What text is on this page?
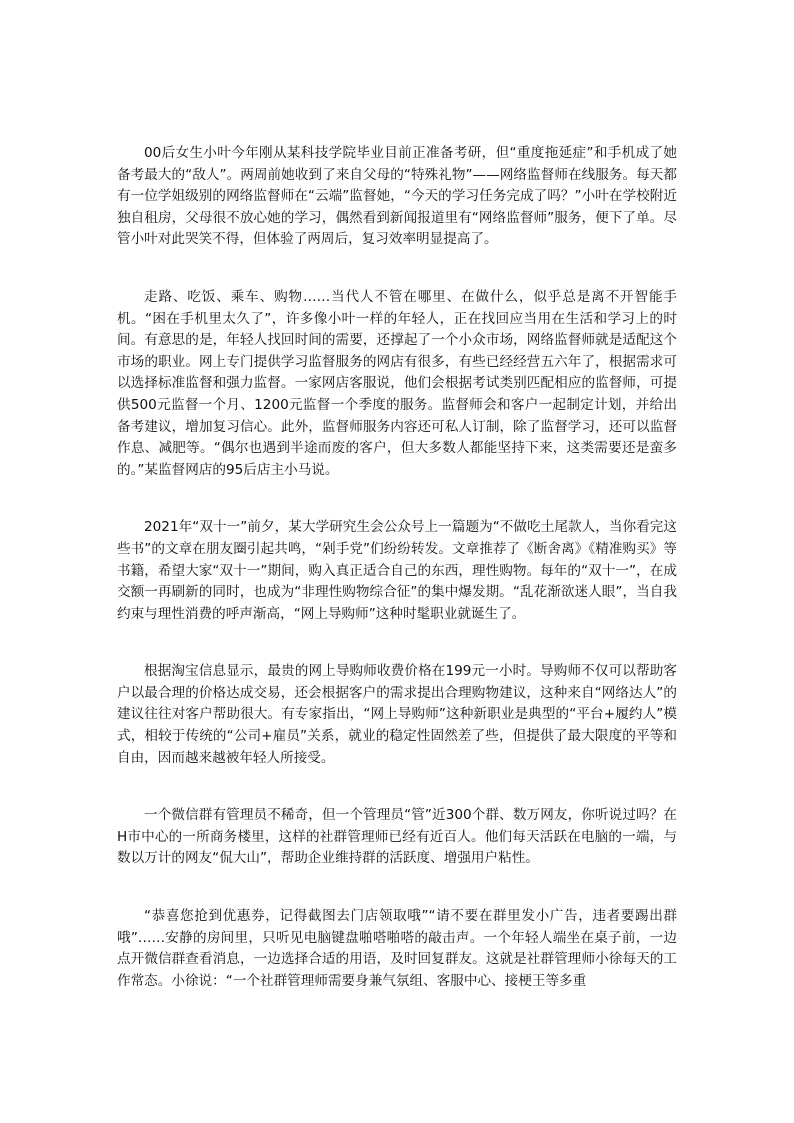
00后女生小叶今年刚从某科技学院毕业目前正准备考研，但“重度拖延症”和手机成了她备考最大的“敌人”。两周前她收到了来自父母的“特殊礼物”——网络监督师在线服务。每天都有一位学姐级别的网络监督师在“云端”监督她，“今天的学习任务完成了吗？”小叶在学校附近独自租房，父母很不放心她的学习，偶然看到新闻报道里有“网络监督师”服务，便下了单。尽管小叶对此哭笑不得，但体验了两周后，复习效率明显提高了。

走路、吃饭、乘车、购物……当代人不管在哪里、在做什么，似乎总是离不开智能手机。“困在手机里太久了”，许多像小叶一样的年轻人，正在找回应当用在生活和学习上的时间。有意思的是，年轻人找回时间的需要，还撑起了一个小众市场，网络监督师就是适配这个市场的职业。网上专门提供学习监督服务的网店有很多，有些已经经营五六年了，根据需求可以选择标准监督和强力监督。一家网店客服说，他们会根据考试类别匹配相应的监督师，可提供500元监督一个月、1200元监督一个季度的服务。监督师会和客户一起制定计划，并给出备考建议，增加复习信心。此外，监督师服务内容还可私人订制，除了监督学习，还可以监督作息、减肥等。“偶尔也遇到半途而废的客户，但大多数人都能坚持下来，这类需要还是蛮多的。”某监督网店的95后店主小马说。

2021年“双十一”前夕，某大学研究生会公众号上一篇题为“不做吃土尾款人，当你看完这些书”的文章在朋友圈引起共鸣，“剁手党”们纷纷转发。文章推荐了《断舍离》《精准购买》等书籍，希望大家“双十一”期间，购入真正适合自己的东西，理性购物。每年的“双十一”，在成交额一再刷新的同时，也成为“非理性购物综合征”的集中爆发期。“乱花渐欲迷人眼”，当自我约束与理性消费的呼声渐高，“网上导购师”这种时髦职业就诞生了。

根据淘宝信息显示，最贵的网上导购师收费价格在199元一小时。导购师不仅可以帮助客户以最合理的价格达成交易，还会根据客户的需求提出合理购物建议，这种来自“网络达人”的建议往往对客户帮助很大。有专家指出，“网上导购师”这种新职业是典型的“平台+履约人”模式，相较于传统的“公司+雇员”关系，就业的稳定性固然差了些，但提供了最大限度的平等和自由，因而越来越被年轻人所接受。

一个微信群有管理员不稀奇，但一个管理员“管”近300个群、数万网友，你听说过吗？在H市中心的一所商务楼里，这样的社群管理师已经有近百人。他们每天活跃在电脑的一端，与数以万计的网友“侃大山”，帮助企业维持群的活跃度、增强用户粘性。

“恭喜您抢到优惠券，记得截图去门店领取哦”“请不要在群里发小广告，违者要踢出群哦”……安静的房间里，只听见电脑键盘啪嗒啪嗒的敲击声。一个年轻人端坐在桌子前，一边点开微信群查看消息，一边选择合适的用语，及时回复群友。这就是社群管理师小徐每天的工作常态。小徐说：“一个社群管理师需要身兼气氛组、客服中心、接梗王等多重
